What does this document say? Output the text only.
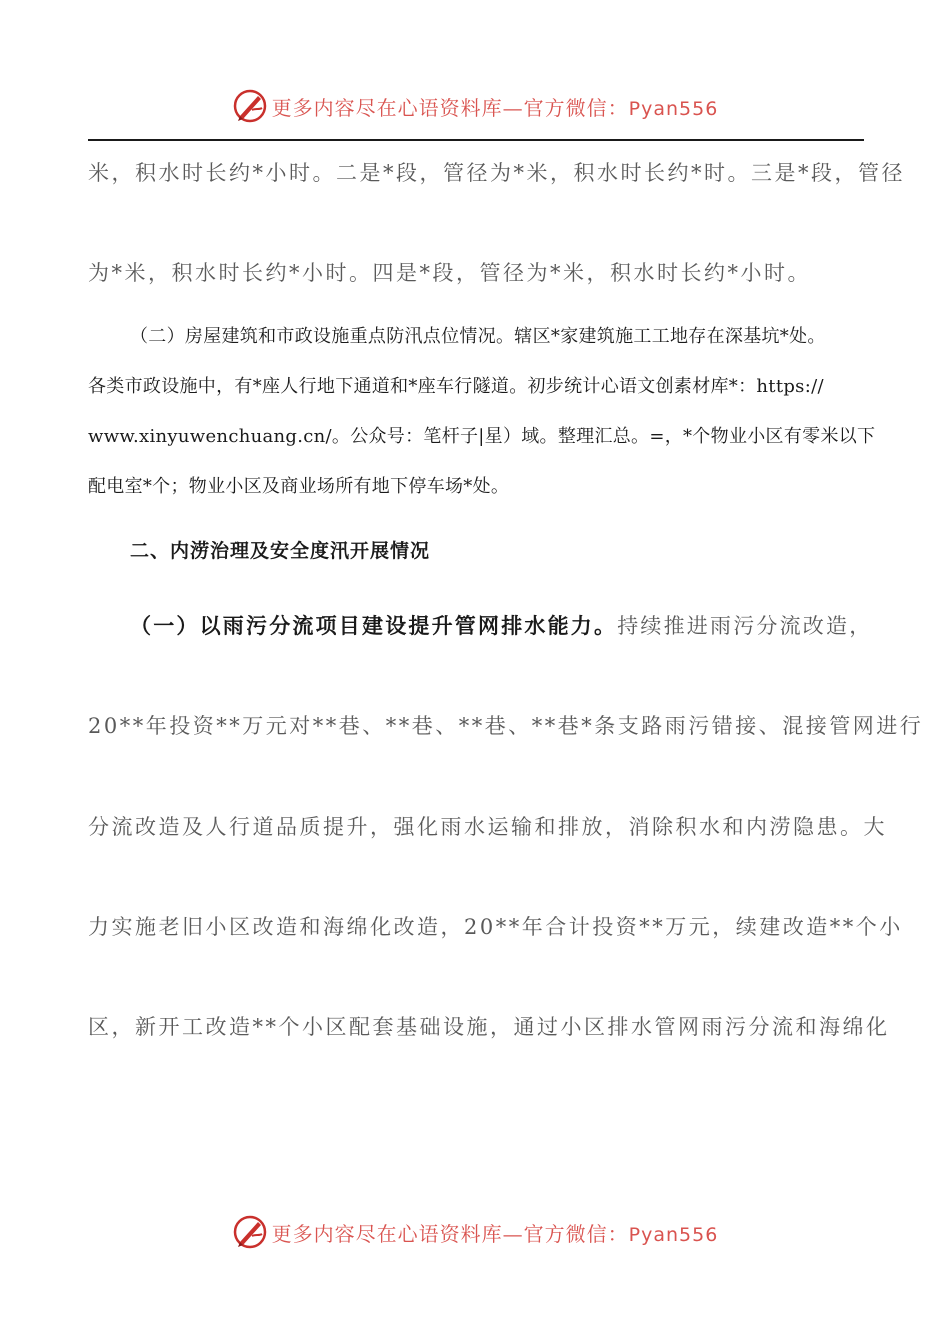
更多内容尽在心语资料库—官方微信：Pyan556
米，积水时长约*小时。二是*段，管径为*米，积水时长约*时。三是*段，管径
为*米，积水时长约*小时。四是*段，管径为*米，积水时长约*小时。
（二）房屋建筑和市政设施重点防汛点位情况。辖区*家建筑施工工地存在深基坑*处。
各类市政设施中，有*座人行地下通道和*座车行隧道。初步统计心语文创素材库*：https://
www.xinyuwenchuang.cn/。公众号：笔杆子|星）域。整理汇总。=，*个物业小区有零米以下
配电室*个；物业小区及商业场所有地下停车场*处。
二、内涝治理及安全度汛开展情况
（一）以雨污分流项目建设提升管网排水能力。持续推进雨污分流改造，
20**年投资**万元对**巷、**巷、**巷、**巷*条支路雨污错接、混接管网进行
分流改造及人行道品质提升，强化雨水运输和排放，消除积水和内涝隐患。大
力实施老旧小区改造和海绵化改造，20**年合计投资**万元，续建改造**个小
区，新开工改造**个小区配套基础设施，通过小区排水管网雨污分流和海绵化
更多内容尽在心语资料库—官方微信：Pyan556
